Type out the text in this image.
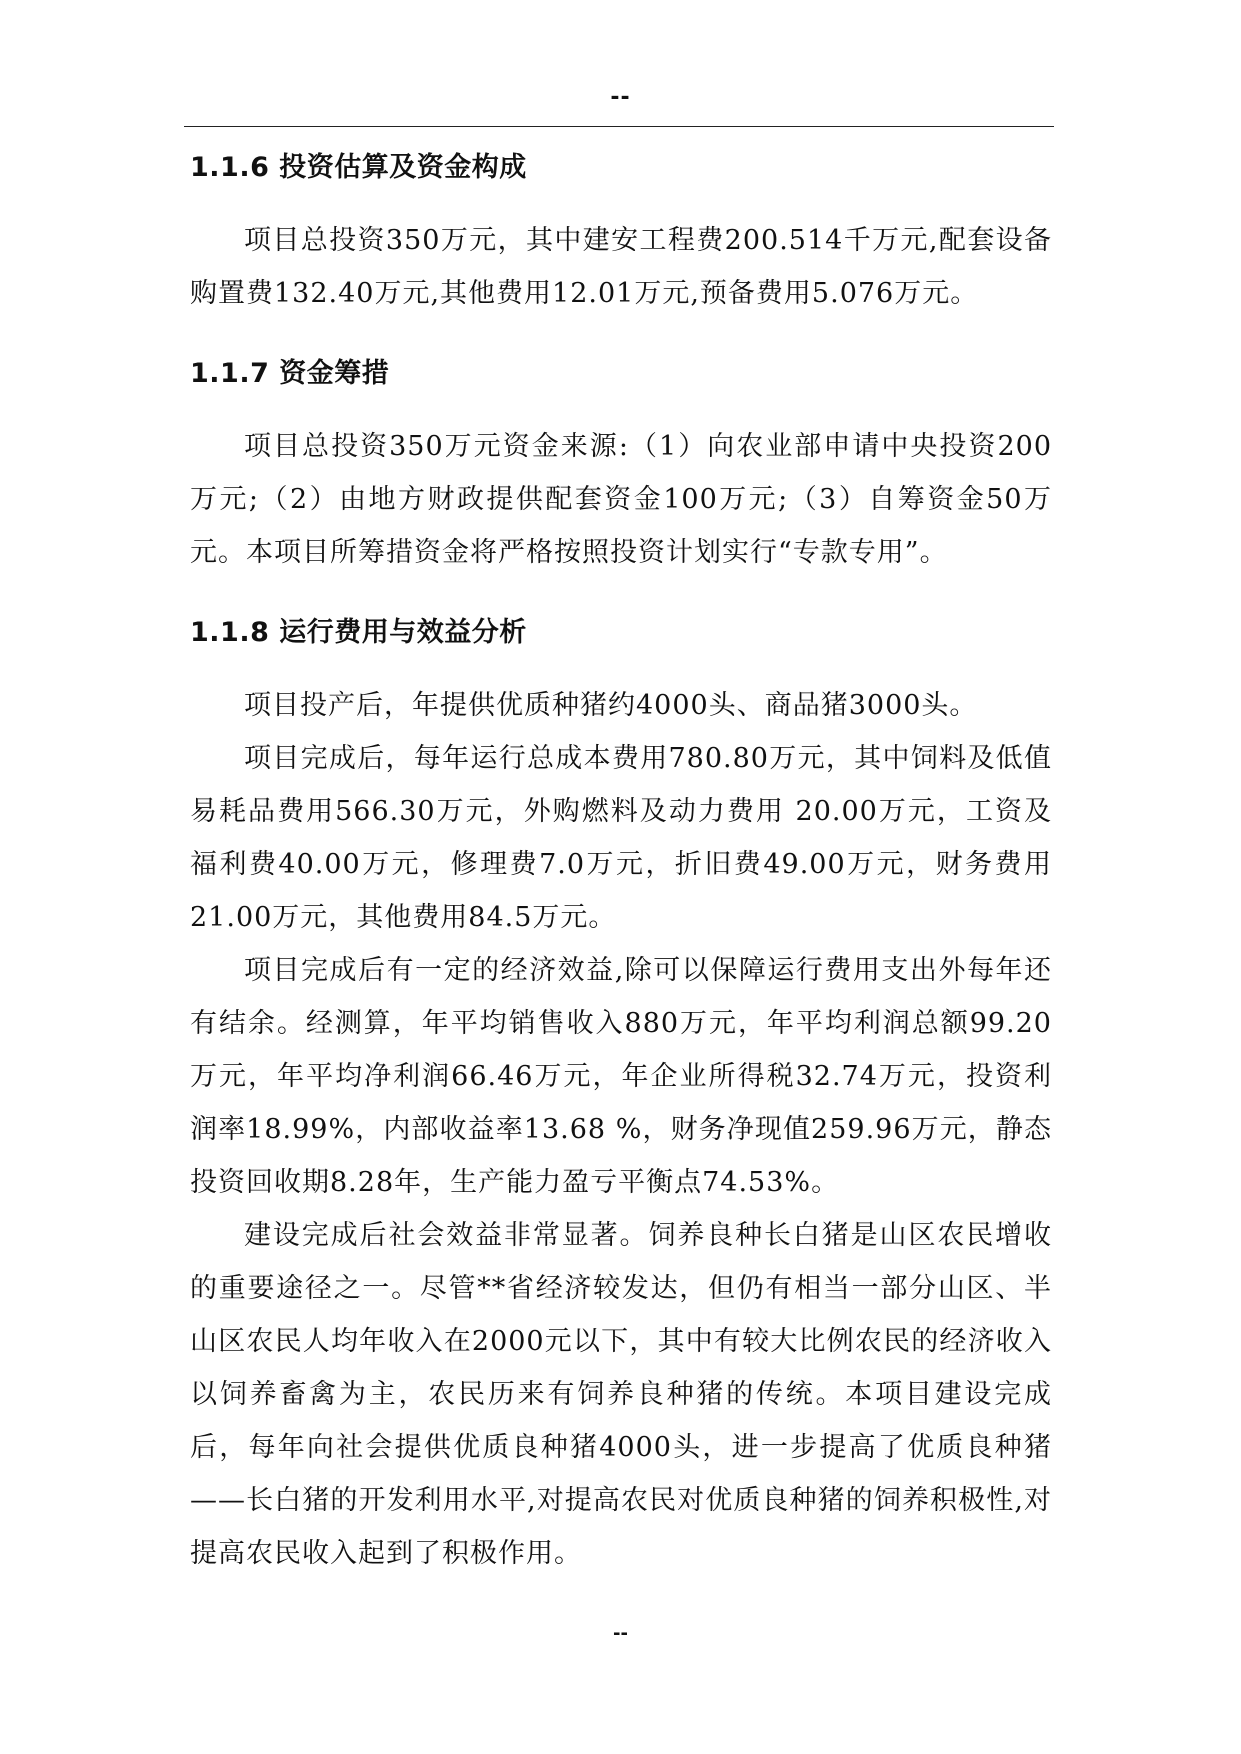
--
1.1.6 投资估算及资金构成

项目总投资350万元，其中建安工程费200.514千万元,配套设备购置费132.40万元,其他费用12.01万元,预备费用5.076万元。

1.1.7 资金筹措

项目总投资350万元资金来源:（1）向农业部申请中央投资200万元;（2）由地方财政提供配套资金100万元;（3）自筹资金50万元。本项目所筹措资金将严格按照投资计划实行“专款专用”。

1.1.8 运行费用与效益分析

项目投产后，年提供优质种猪约4000头、商品猪3000头。

项目完成后，每年运行总成本费用780.80万元，其中饲料及低值易耗品费用566.30万元，外购燃料及动力费用 20.00万元，工资及福利费40.00万元，修理费7.0万元，折旧费49.00万元，财务费用21.00万元，其他费用84.5万元。

项目完成后有一定的经济效益,除可以保障运行费用支出外每年还有结余。经测算，年平均销售收入880万元，年平均利润总额99.20万元，年平均净利润66.46万元，年企业所得税32.74万元，投资利润率18.99%，内部收益率13.68 %，财务净现值259.96万元，静态投资回收期8.28年，生产能力盈亏平衡点74.53%。

建设完成后社会效益非常显著。饲养良种长白猪是山区农民增收的重要途径之一。尽管**省经济较发达，但仍有相当一部分山区、半山区农民人均年收入在2000元以下，其中有较大比例农民的经济收入以饲养畜禽为主，农民历来有饲养良种猪的传统。本项目建设完成后，每年向社会提供优质良种猪4000头，进一步提高了优质良种猪——长白猪的开发利用水平,对提高农民对优质良种猪的饲养积极性,对提高农民收入起到了积极作用。

--
